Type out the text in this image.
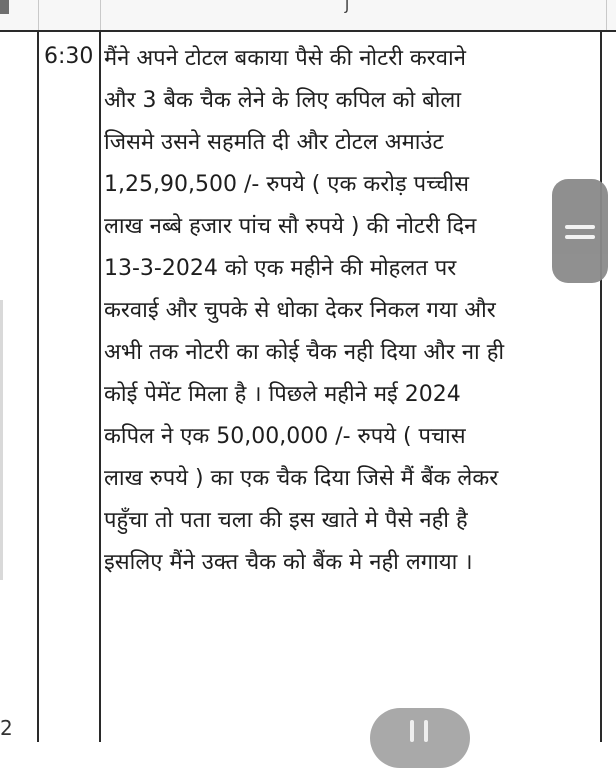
J
6:30 मैंने अपने टोटल बकाया पैसे की नोटरी करवाने
और 3 बैक चैक लेने के लिए कपिल को बोला
जिसमे उसने सहमति दी और टोटल अमाउंट
1,25,90,500 /- रुपये ( एक करोड़ पच्चीस
लाख नब्बे हजार पांच सौ रुपये ) की नोटरी दिन
13-3-2024 को एक महीने की मोहलत पर
करवाई और चुपके से धोका देकर निकल गया और
अभी तक नोटरी का कोई चैक नही दिया और ना ही
कोई पेमेंट मिला है । पिछले महीने मई 2024
कपिल ने एक 50,00,000 /- रुपये ( पचास
लाख रुपये ) का एक चैक दिया जिसे मैं बैंक लेकर
पहुँचा तो पता चला की इस खाते मे पैसे नही है
इसलिए मैंने उक्त चैक को बैंक मे नही लगाया ।
2
